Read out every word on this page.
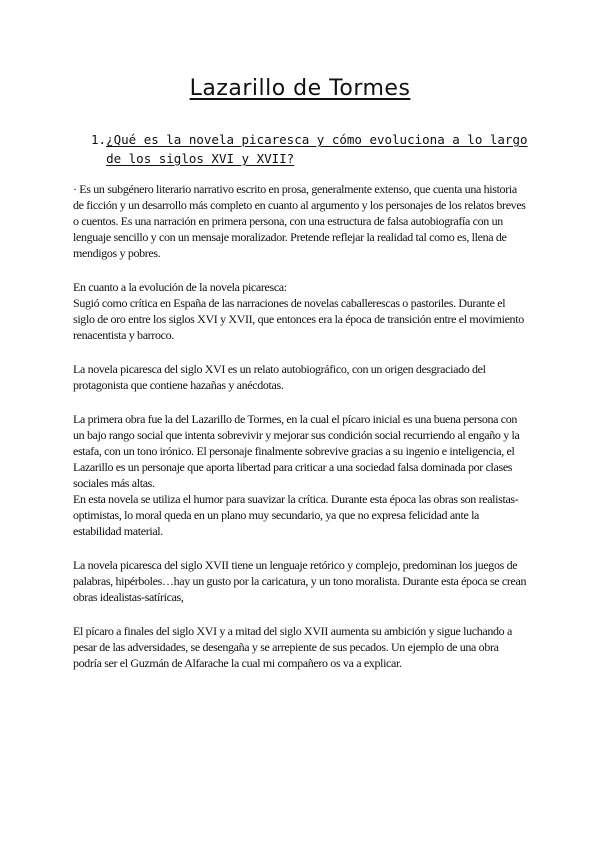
Lazarillo de Tormes
1. ¿Qué es la novela picaresca y cómo evoluciona a lo largo de los siglos XVI y XVII?

· Es un subgénero literario narrativo escrito en prosa, generalmente extenso, que cuenta una historia de ficción y un desarrollo más completo en cuanto al argumento y los personajes de los relatos breves o cuentos. Es una narración en primera persona, con una estructura de falsa autobiografía con un lenguaje sencillo y con un mensaje moralizador. Pretende reflejar la realidad tal como es, llena de mendigos y pobres.

En cuanto a la evolución de la novela picaresca:

Sugió como crítica en España de las narraciones de novelas caballerescas o pastoriles. Durante el siglo de oro entre los siglos XVI y XVII, que entonces era la época de transición entre el movimiento renacentista y barroco.

La novela picaresca del siglo XVI es un relato autobiográfico, con un origen desgraciado del protagonista que contiene hazañas y anécdotas.

La primera obra fue la del Lazarillo de Tormes, en la cual el pícaro inicial es una buena persona con un bajo rango social que intenta sobrevivir y mejorar sus condición social recurriendo al engaño y la estafa, con un tono irónico. El personaje finalmente sobrevive gracias a su ingenio e inteligencia, el Lazarillo es un personaje que aporta libertad para criticar a una sociedad falsa dominada por clases sociales más altas.

En esta novela se utiliza el humor para suavizar la crítica. Durante esta época las obras son realistas-optimistas, lo moral queda en un plano muy secundario, ya que no expresa felicidad ante la estabilidad material.

La novela picaresca del siglo XVII tiene un lenguaje retórico y complejo, predominan los juegos de palabras, hipérboles…hay un gusto por la caricatura, y un tono moralista. Durante esta época se crean obras idealistas-satíricas,

El pícaro a finales del siglo XVI y a mitad del siglo XVII aumenta su ambición y sigue luchando a pesar de las adversidades, se desengaña y se arrepiente de sus pecados. Un ejemplo de una obra podría ser el Guzmán de Alfarache la cual mi compañero os va a explicar.
